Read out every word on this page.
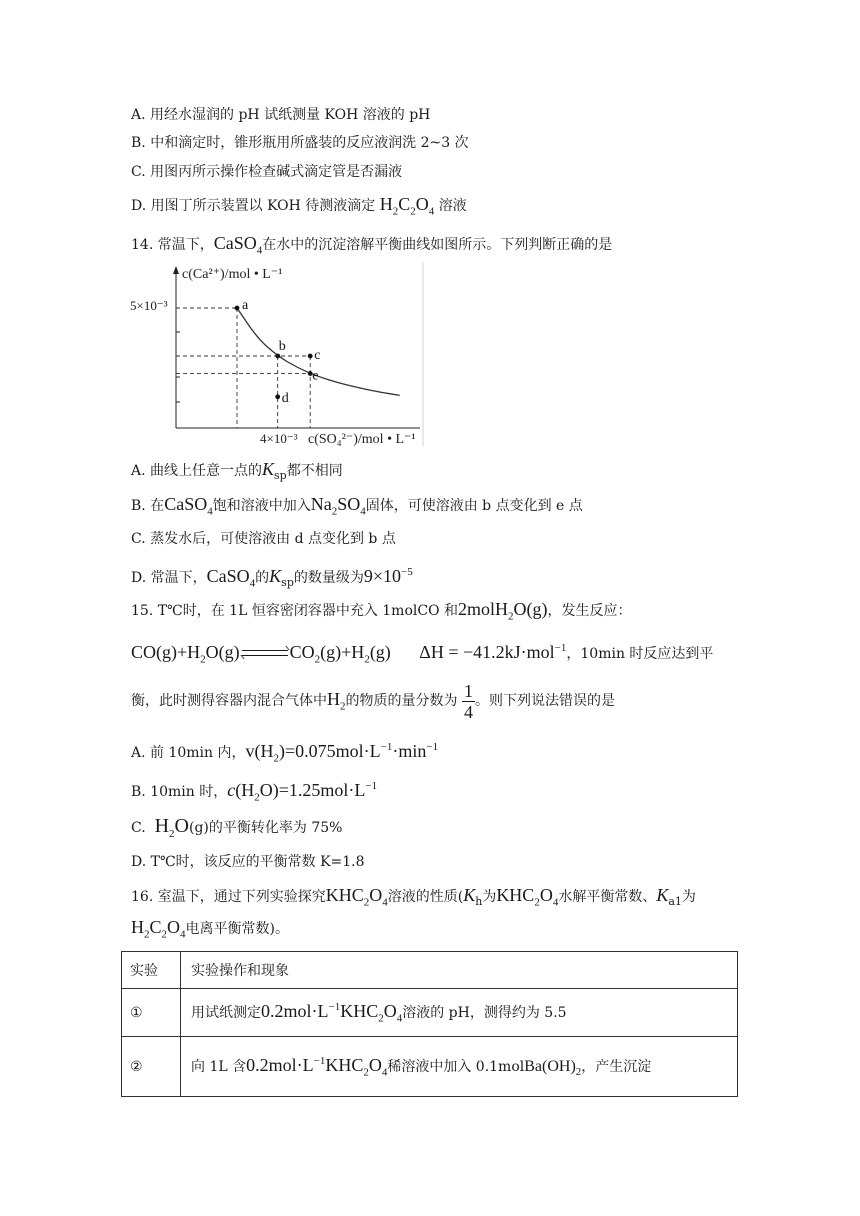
A. 用经水湿润的 pH 试纸测量 KOH 溶液的 pH
B. 中和滴定时，锥形瓶用所盛装的反应液润洗 2~3 次
C. 用图丙所示操作检查碱式滴定管是否漏液
D. 用图丁所示装置以 KOH 待测液滴定 $H_2C_2O_4$ 溶液
14. 常温下，CaSO$_4$在水中的沉淀溶解平衡曲线如图所示。下列判断正确的是
c(Ca²⁺)/mol • L⁻¹
5×10⁻³
4×10⁻³ c(SO₄²⁻)/mol • L⁻¹
a
b
c
e
d
A. 曲线上任意一点的$K_{sp}$都不相同
B. 在CaSO$_4$饱和溶液中加入$Na_2SO_4$固体，可使溶液由 b 点变化到 e 点
C. 蒸发水后，可使溶液由 d 点变化到 b 点
D. 常温下，CaSO$_4$的$K_{sp}$的数量级为$9\times 10^{-5}$
15. T℃时，在 1L 恒容密闭容器中充入 1molCO 和2molH$_2$O(g)，发生反应：
$CO(g)+H_2O(g)$	$CO_2(g)+H_2(g) \Delta H = -41.2kJ\cdot mol^{-1}$，10min 时反应达到平
衡，此时测得容器内混合气体中$H_2$的物质的量分数为 $\frac{1}{4}$ 。则下列说法错误的是
A. 前 10min 内，$v(H_2)=0.075mol\cdot L^{-1}\cdot\min^{-1}$
B. 10min 时，$c(H_2O)=1.25mol\cdot L^{-1}$
C. $H_2O(g)$的平衡转化率为 75%
D. T℃时，该反应的平衡常数 K=1.8
16. 室温下，通过下列实验探究$KHC_2O_4$溶液的性质($K_h$为$KHC_2O_4$水解平衡常数、$K_{a1}$为
$H_2C_2O_4$电离平衡常数)。
实验	实验操作和现象
①	用试纸测定$0.2mol\cdot L^{-1}KHC_2O_4$溶液的 pH，测得约为 5.5
②	向 1L 含$0.2mol\cdot L^{-1}KHC_2O_4$稀溶液中加入 $0.1molBa(OH)_2$，产生沉淀
